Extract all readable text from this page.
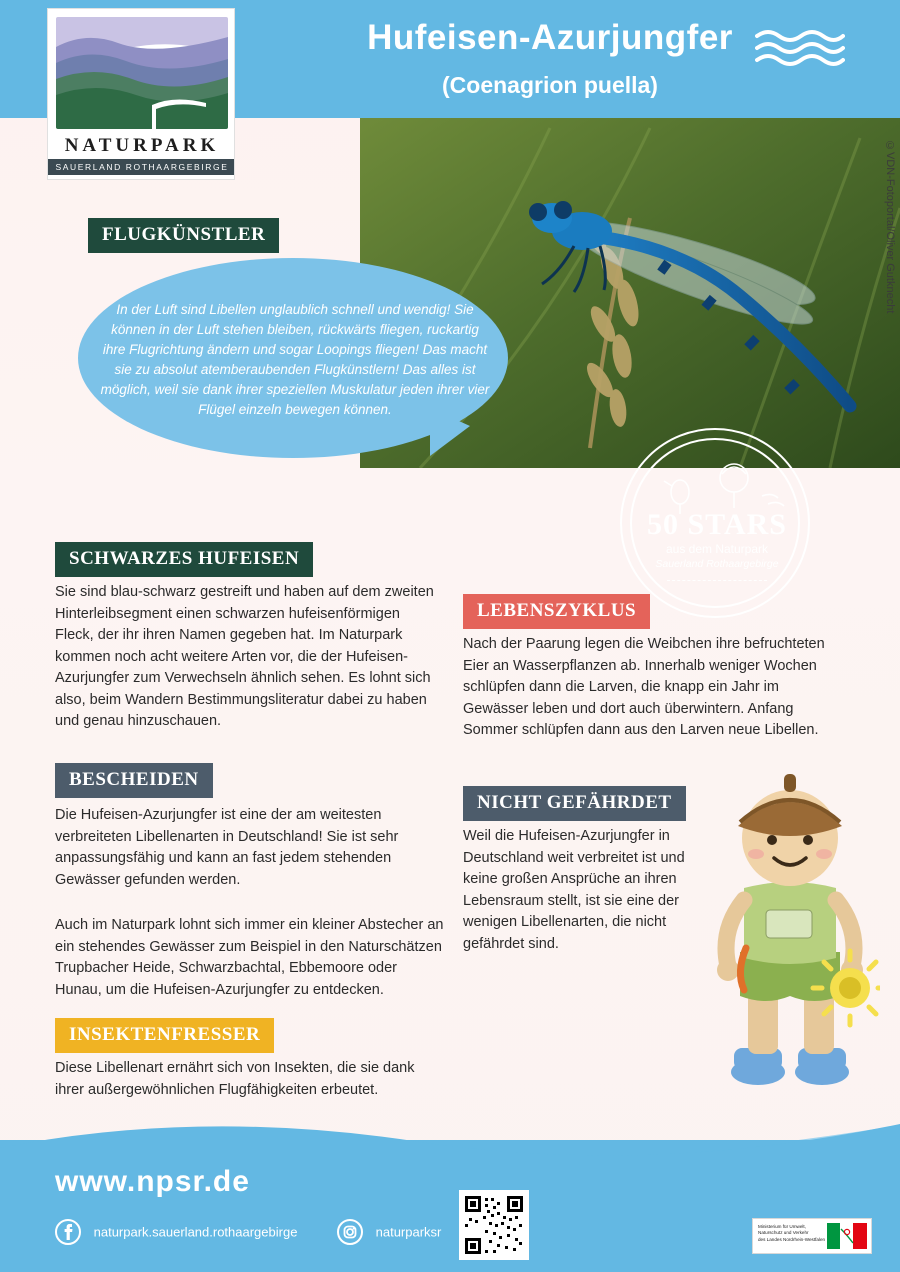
Hufeisen-Azurjungfer
(Coenagrion puella)
NATURPARK
SAUERLAND ROTHAARGEBIRGE	©VDN-Fotoportal/Oliver Gutknecht
FLUGKÜNSTLER
In der Luft sind Libellen unglaublich schnell und wendig! Sie können in der Luft stehen bleiben, rückwärts fliegen, ruckartig ihre Flugrichtung ändern und sogar Loopings fliegen! Das macht sie zu absolut atemberaubenden Flugkünstlern! Das alles ist möglich, weil sie dank ihrer speziellen Muskulatur jeden ihrer vier Flügel einzeln bewegen können.
50 STARS
aus dem Naturpark
Sauerland Rothaargebirge
SCHWARZES HUFEISEN
Sie sind blau-schwarz gestreift und haben auf dem zweiten Hinterleibsegment einen schwarzen hufeisenförmigen Fleck, der ihr ihren Namen gegeben hat. Im Naturpark kommen noch acht weitere Arten vor, die der Hufeisen-Azurjungfer zum Verwechseln ähnlich sehen. Es lohnt sich also, beim Wandern Bestimmungsliteratur dabei zu haben und genau hinzuschauen.
BESCHEIDEN
Die Hufeisen-Azurjungfer ist eine der am weitesten verbreiteten Libellenarten in Deutschland! Sie ist sehr anpassungsfähig und kann an fast jedem stehenden Gewässer gefunden werden.
Auch im Naturpark lohnt sich immer ein kleiner Abstecher an ein stehendes Gewässer zum Beispiel in den Naturschätzen Trupbacher Heide, Schwarzbachtal, Ebbemoore oder Hunau, um die Hufeisen-Azurjungfer zu entdecken.
INSEKTENFRESSER
Diese Libellenart ernährt sich von Insekten, die sie dank ihrer außergewöhnlichen Flugfähigkeiten erbeutet.
LEBENSZYKLUS
Nach der Paarung legen die Weibchen ihre befruchteten Eier an Wasserpflanzen ab. Innerhalb weniger Wochen schlüpfen dann die Larven, die knapp ein Jahr im Gewässer leben und dort auch überwintern. Anfang Sommer schlüpfen dann aus den Larven neue Libellen.
NICHT GEFÄHRDET
Weil die Hufeisen-Azurjungfer in Deutschland weit verbreitet ist und keine großen Ansprüche an ihren Lebensraum stellt, ist sie eine der wenigen Libellenarten, die nicht gefährdet sind.
www.npsr.de
naturpark.sauerland.rothaargebirge	naturparksr	Ministerium für Umwelt,
Naturschutz und Verkehr
des Landes Nordrhein-Westfalen
